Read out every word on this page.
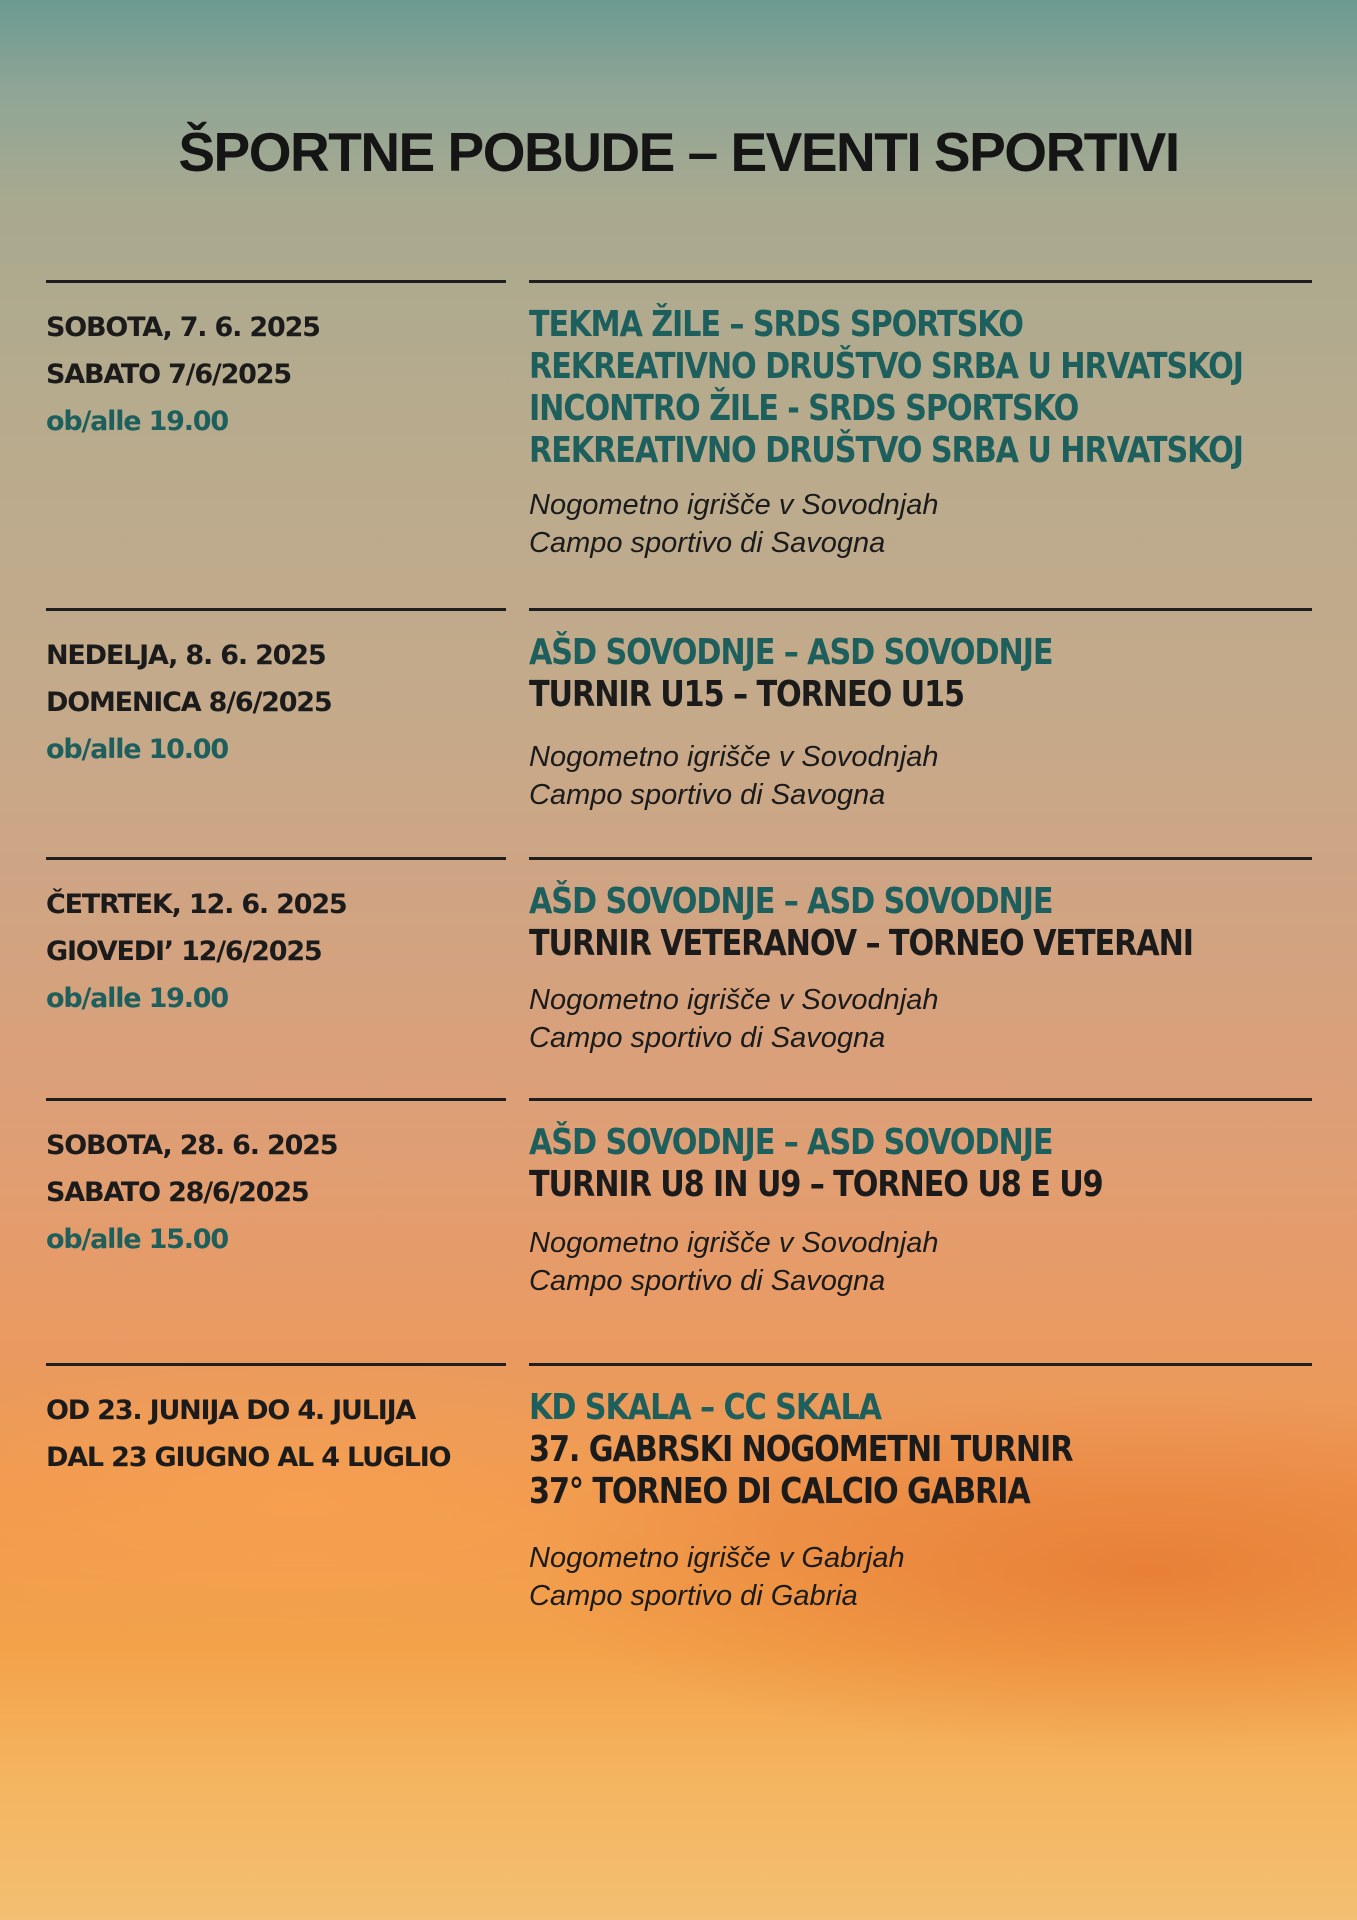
ŠPORTNE POBUDE – EVENTI SPORTIVI
SOBOTA, 7. 6. 2025
SABATO 7/6/2025
ob/alle 19.00
TEKMA ŽILE – SRDS SPORTSKO
REKREATIVNO DRUŠTVO SRBA U HRVATSKOJ
INCONTRO ŽILE - SRDS SPORTSKO
REKREATIVNO DRUŠTVO SRBA U HRVATSKOJ
Nogometno igrišče v Sovodnjah
Campo sportivo di Savogna
NEDELJA, 8. 6. 2025
DOMENICA 8/6/2025
ob/alle 10.00
AŠD SOVODNJE – ASD SOVODNJE
TURNIR U15 – TORNEO U15
Nogometno igrišče v Sovodnjah
Campo sportivo di Savogna
ČETRTEK, 12. 6. 2025
GIOVEDI’ 12/6/2025
ob/alle 19.00
AŠD SOVODNJE – ASD SOVODNJE
TURNIR VETERANOV – TORNEO VETERANI
Nogometno igrišče v Sovodnjah
Campo sportivo di Savogna
SOBOTA, 28. 6. 2025
SABATO 28/6/2025
ob/alle 15.00
AŠD SOVODNJE – ASD SOVODNJE
TURNIR U8 IN U9 – TORNEO U8 E U9
Nogometno igrišče v Sovodnjah
Campo sportivo di Savogna
OD 23. JUNIJA DO 4. JULIJA
DAL 23 GIUGNO AL 4 LUGLIO
KD SKALA – CC SKALA
37. GABRSKI NOGOMETNI TURNIR
37° TORNEO DI CALCIO GABRIA
Nogometno igrišče v Gabrjah
Campo sportivo di Gabria
